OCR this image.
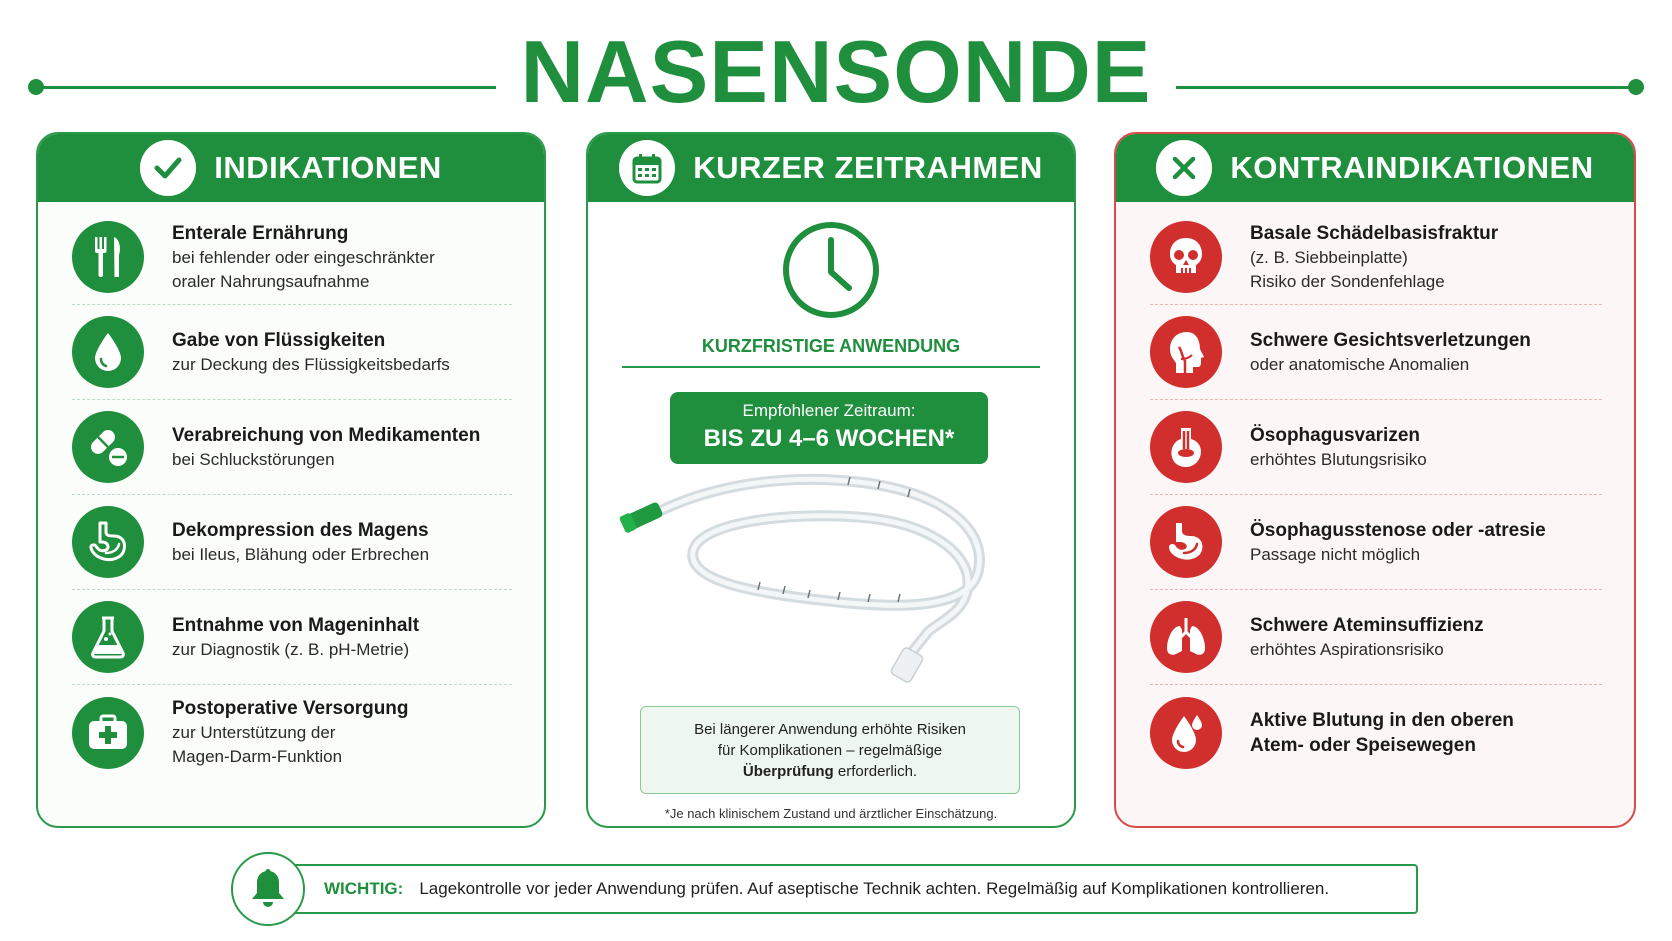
NASENSONDE
INDIKATIONEN
Enterale Ernährung
bei fehlender oder eingeschränkter
oraler Nahrungsaufnahme
Gabe von Flüssigkeiten
zur Deckung des Flüssigkeitsbedarfs
Verabreichung von Medikamenten
bei Schluckstörungen
Dekompression des Magens
bei Ileus, Blähung oder Erbrechen
Entnahme von Mageninhalt
zur Diagnostik (z. B. pH-Metrie)
Postoperative Versorgung
zur Unterstützung der
Magen-Darm-Funktion
KURZER ZEITRAHMEN
KURZFRISTIGE ANWENDUNG
Empfohlener Zeitraum:
BIS ZU 4–6 WOCHEN*
Bei längerer Anwendung erhöhte Risiken
für Komplikationen – regelmäßige
Überprüfung erforderlich.
*Je nach klinischem Zustand und ärztlicher Einschätzung.
KONTRAINDIKATIONEN
Basale Schädelbasisfraktur
(z. B. Siebbeinplatte)
Risiko der Sondenfehlage
Schwere Gesichtsverletzungen
oder anatomische Anomalien
Ösophagusvarizen
erhöhtes Blutungsrisiko
Ösophagusstenose oder -atresie
Passage nicht möglich
Schwere Ateminsuffizienz
erhöhtes Aspirationsrisiko
Aktive Blutung in den oberen
Atem- oder Speisewegen
WICHTIG: Lagekontrolle vor jeder Anwendung prüfen. Auf aseptische Technik achten. Regelmäßig auf Komplikationen kontrollieren.
